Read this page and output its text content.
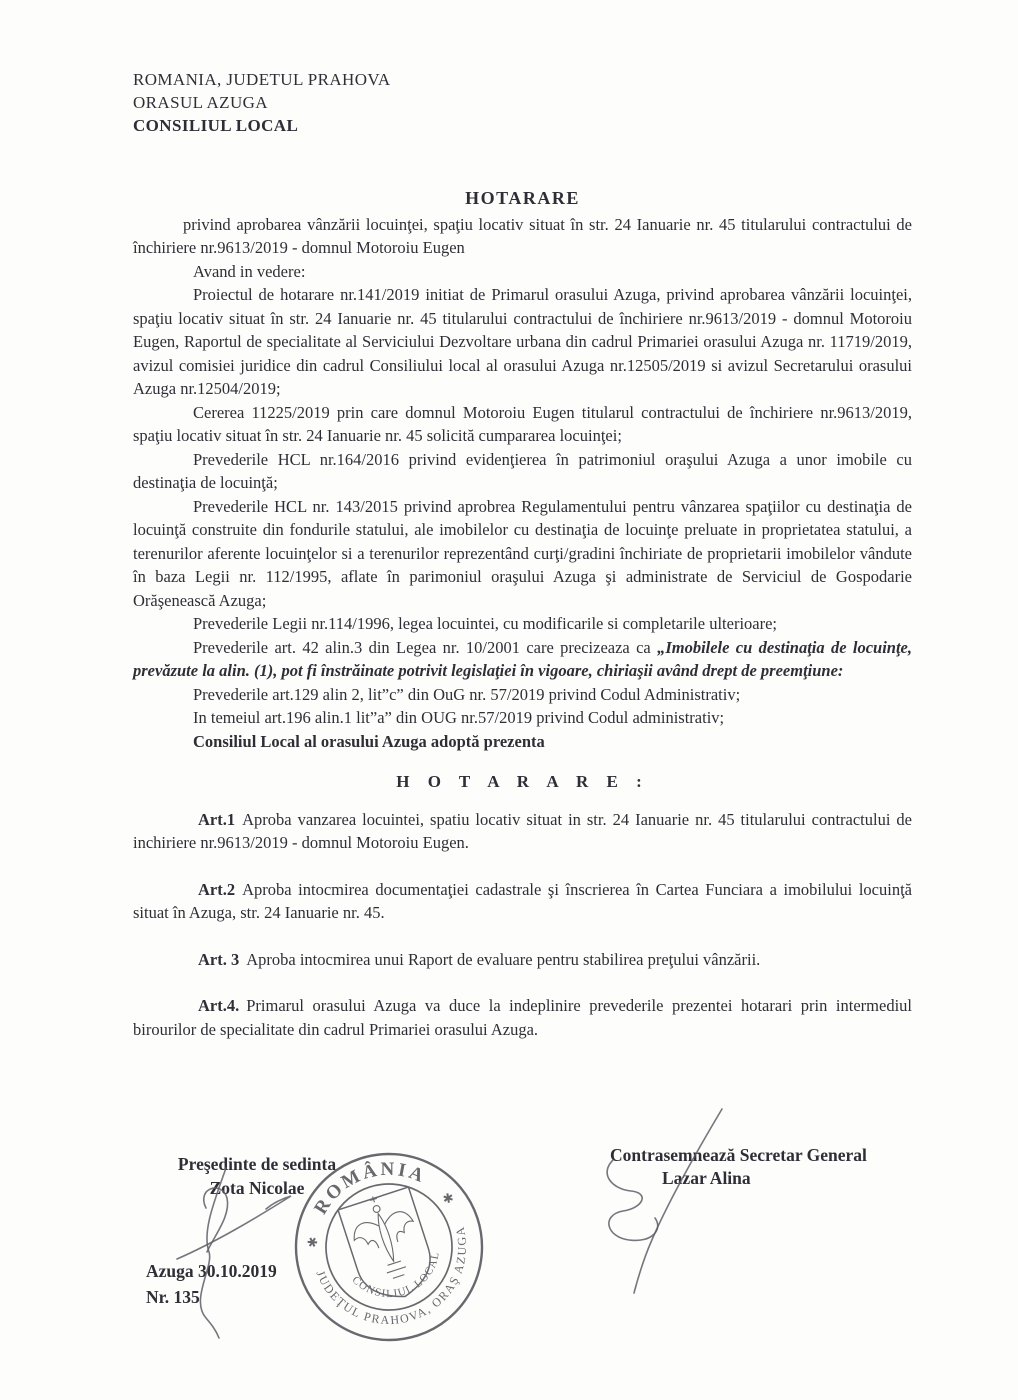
ROMANIA, JUDETUL PRAHOVA
ORASUL AZUGA
CONSILIUL LOCAL
HOTARARE

privind aprobarea vânzării locuinţei, spaţiu locativ situat în str. 24 Ianuarie nr. 45 titularului contractului de închiriere nr.9613/2019 - domnul Motoroiu Eugen

Avand in vedere:

Proiectul de hotarare nr.141/2019 initiat de Primarul orasului Azuga, privind aprobarea vânzării locuinţei, spaţiu locativ situat în str. 24 Ianuarie nr. 45 titularului contractului de închiriere nr.9613/2019 - domnul Motoroiu Eugen, Raportul de specialitate al Serviciului Dezvoltare urbana din cadrul Primariei orasului Azuga nr. 11719/2019, avizul comisiei juridice din cadrul Consiliului local al orasului Azuga nr.12505/2019 si avizul Secretarului orasului Azuga nr.12504/2019;

Cererea 11225/2019 prin care domnul Motoroiu Eugen titularul contractului de închiriere nr.9613/2019, spaţiu locativ situat în str. 24 Ianuarie nr. 45 solicită cumpararea locuinţei;

Prevederile HCL nr.164/2016 privind evidenţierea în patrimoniul oraşului Azuga a unor imobile cu destinaţia de locuinţă;

Prevederile HCL nr. 143/2015 privind aprobrea Regulamentului pentru vânzarea spaţiilor cu destinaţia de locuinţă construite din fondurile statului, ale imobilelor cu destinaţia de locuinţe preluate in proprietatea statului, a terenurilor aferente locuinţelor si a terenurilor reprezentând curţi/gradini închiriate de proprietarii imobilelor vândute în baza Legii nr. 112/1995, aflate în parimoniul oraşului Azuga şi administrate de Serviciul de Gospodarie Orăşenească Azuga;

Prevederile Legii nr.114/1996, legea locuintei, cu modificarile si completarile ulterioare;

Prevederile art. 42 alin.3 din Legea nr. 10/2001 care precizeaza ca „Imobilele cu destinaţia de locuinţe, prevăzute la alin. (1), pot fi înstrăinate potrivit legislaţiei în vigoare, chiriaşii având drept de preemţiune:

Prevederile art.129 alin 2, lit”c” din OuG nr. 57/2019 privind Codul Administrativ;

In temeiul art.196 alin.1 lit”a” din OUG nr.57/2019 privind Codul administrativ;

Consiliul Local al orasului Azuga adoptă prezenta

H O T A R A R E :

Art.1 Aproba vanzarea locuintei, spatiu locativ situat in str. 24 Ianuarie nr. 45 titularului contractului de inchiriere nr.9613/2019 - domnul Motoroiu Eugen.

Art.2 Aproba intocmirea documentaţiei cadastrale şi înscrierea în Cartea Funciara a imobilului locuinţă situat în Azuga, str. 24 Ianuarie nr. 45.

Art. 3 Aproba intocmirea unui Raport de evaluare pentru stabilirea preţului vânzării.

Art.4. Primarul orasului Azuga va duce la indeplinire prevederile prezentei hotarari prin intermediul birourilor de specialitate din cadrul Primariei orasului Azuga.

Preşedinte de sedinta
Zota Nicolae
Azuga 30.10.2019
Nr. 135
Contrasemnează Secretar General
Lazar Alina
ROMÂNIA
✱
✱
JUDEŢUL PRAHOVA, ORAŞ AZUGA
CONSILIUL LOCAL
